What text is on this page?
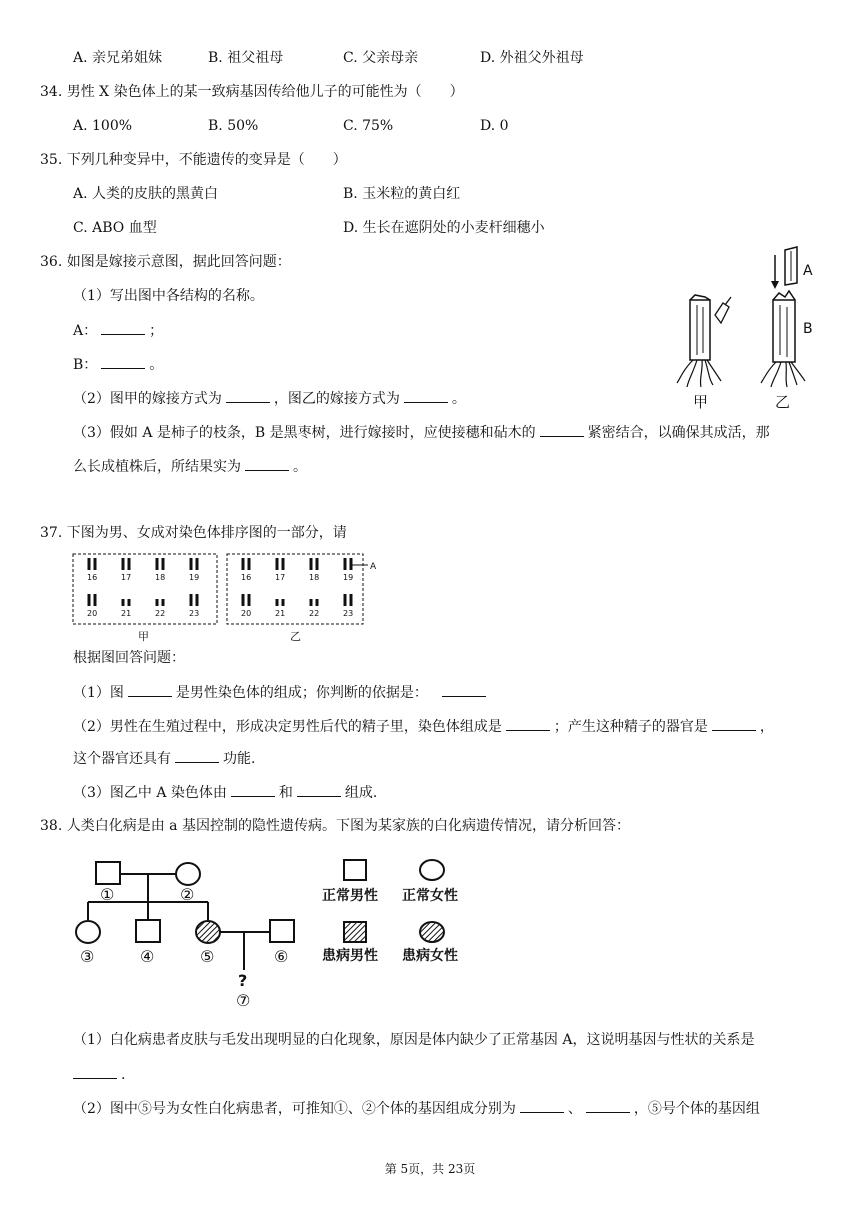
A. 亲兄弟姐妹	B. 祖父祖母	C. 父亲母亲	D. 外祖父外祖母
34. 男性 X 染色体上的某一致病基因传给他儿子的可能性为（　　）
A. 100%	B. 50%	C. 75%	D. 0
35. 下列几种变异中，不能遗传的变异是（　　）
A. 人类的皮肤的黑黄白	B. 玉米粒的黄白红
C. ABO 血型	D. 生长在遮阴处的小麦杆细穗小
36. 如图是嫁接示意图，据此回答问题：
（1）写出图中各结构的名称。
A：	；
B：	。
（2）图甲的嫁接方式为	，图乙的嫁接方式为	。
（3）假如 A 是柿子的枝条，B 是黑枣树，进行嫁接时，应使接穗和砧木的	紧密结合，以确保其成活，那
么长成植株后，所结果实为	。
甲
A
B
乙
37. 下图为男、女成对染色体排序图的一部分，请
16	17	18	19
20	21	22	23
16	17	18	19
20	21	22	23
A
甲	乙
根据图回答问题：
（1）图	是男性染色体的组成；你判断的依据是：
（2）男性在生殖过程中，形成决定男性后代的精子里，染色体组成是	；产生这种精子的器官是	，
这个器官还具有	功能.
（3）图乙中 A 染色体由	和	组成.
38. 人类白化病是由 a 基因控制的隐性遗传病。下图为某家族的白化病遗传情况，请分析回答：
①	②
③	④	⑤	⑥
?
⑦
正常男性 正常女性
患病男性 患病女性
（1）白化病患者皮肤与毛发出现明显的白化现象，原因是体内缺少了正常基因 A，这说明基因与性状的关系是
.
（2）图中⑤号为女性白化病患者，可推知①、②个体的基因组成分别为	、	，⑤号个体的基因组
第 5页，共 23页
